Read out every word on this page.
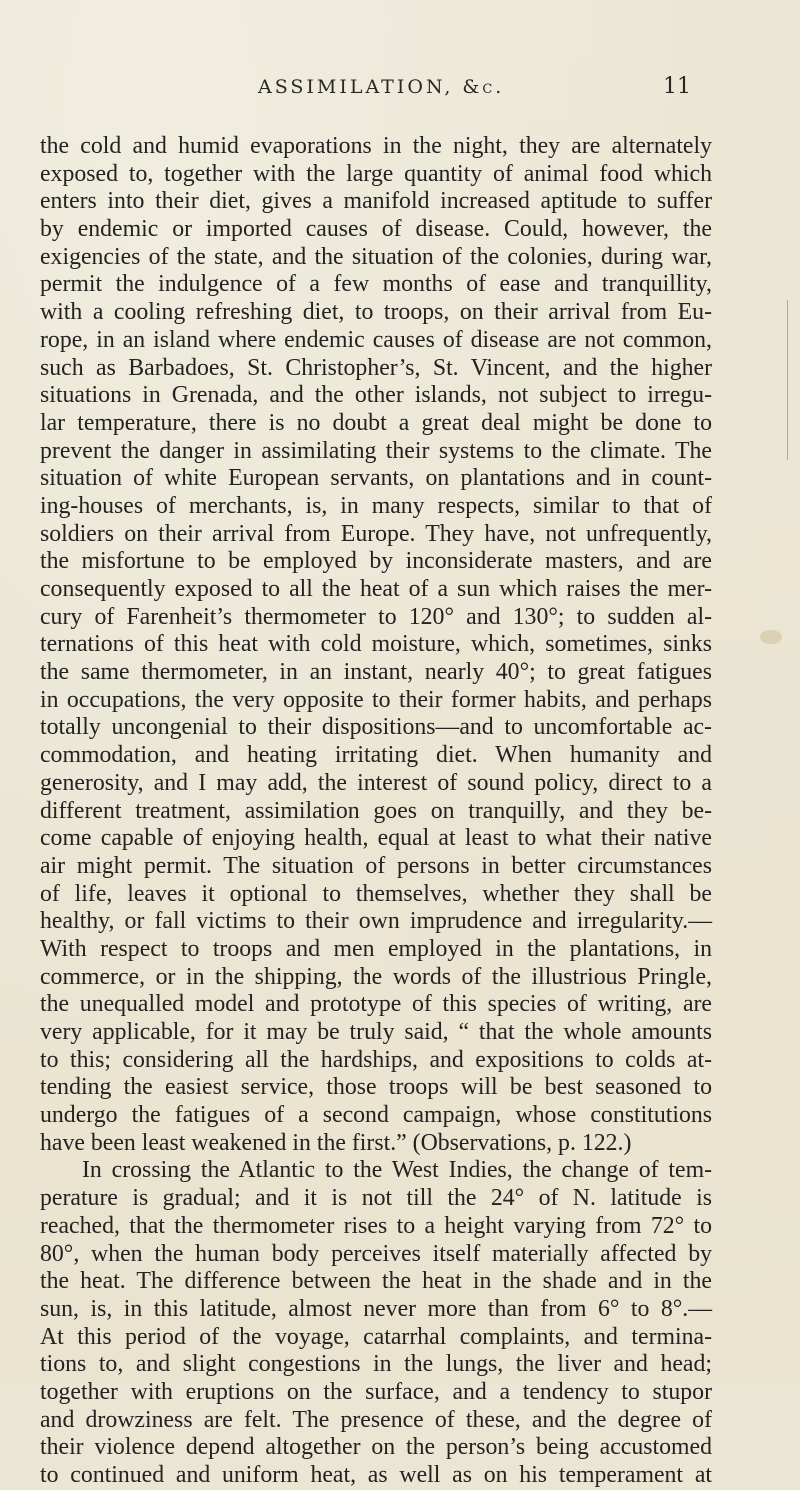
ASSIMILATION, &c.	11
the cold and humid evaporations in the night, they are alternately
exposed to, together with the large quantity of animal food which
enters into their diet, gives a manifold increased aptitude to suffer
by endemic or imported causes of disease. Could, however, the
exigencies of the state, and the situation of the colonies, during war,
permit the indulgence of a few months of ease and tranquillity,
with a cooling refreshing diet, to troops, on their arrival from Eu-
rope, in an island where endemic causes of disease are not common,
such as Barbadoes, St. Christopher’s, St. Vincent, and the higher
situations in Grenada, and the other islands, not subject to irregu-
lar temperature, there is no doubt a great deal might be done to
prevent the danger in assimilating their systems to the climate. The
situation of white European servants, on plantations and in count-
ing-houses of merchants, is, in many respects, similar to that of
soldiers on their arrival from Europe. They have, not unfrequently,
the misfortune to be employed by inconsiderate masters, and are
consequently exposed to all the heat of a sun which raises the mer-
cury of Farenheit’s thermometer to 120° and 130°; to sudden al-
ternations of this heat with cold moisture, which, sometimes, sinks
the same thermometer, in an instant, nearly 40°; to great fatigues
in occupations, the very opposite to their former habits, and perhaps
totally uncongenial to their dispositions—and to uncomfortable ac-
commodation, and heating irritating diet. When humanity and
generosity, and I may add, the interest of sound policy, direct to a
different treatment, assimilation goes on tranquilly, and they be-
come capable of enjoying health, equal at least to what their native
air might permit. The situation of persons in better circumstances
of life, leaves it optional to themselves, whether they shall be
healthy, or fall victims to their own imprudence and irregularity.—
With respect to troops and men employed in the plantations, in
commerce, or in the shipping, the words of the illustrious Pringle,
the unequalled model and prototype of this species of writing, are
very applicable, for it may be truly said, “ that the whole amounts
to this; considering all the hardships, and expositions to colds at-
tending the easiest service, those troops will be best seasoned to
undergo the fatigues of a second campaign, whose constitutions
have been least weakened in the first.” (Observations, p. 122.)
In crossing the Atlantic to the West Indies, the change of tem-
perature is gradual; and it is not till the 24° of N. latitude is
reached, that the thermometer rises to a height varying from 72° to
80°, when the human body perceives itself materially affected by
the heat. The difference between the heat in the shade and in the
sun, is, in this latitude, almost never more than from 6° to 8°.—
At this period of the voyage, catarrhal complaints, and termina-
tions to, and slight congestions in the lungs, the liver and head;
together with eruptions on the surface, and a tendency to stupor
and drowziness are felt. The presence of these, and the degree of
their violence depend altogether on the person’s being accustomed
to continued and uniform heat, as well as on his temperament at
